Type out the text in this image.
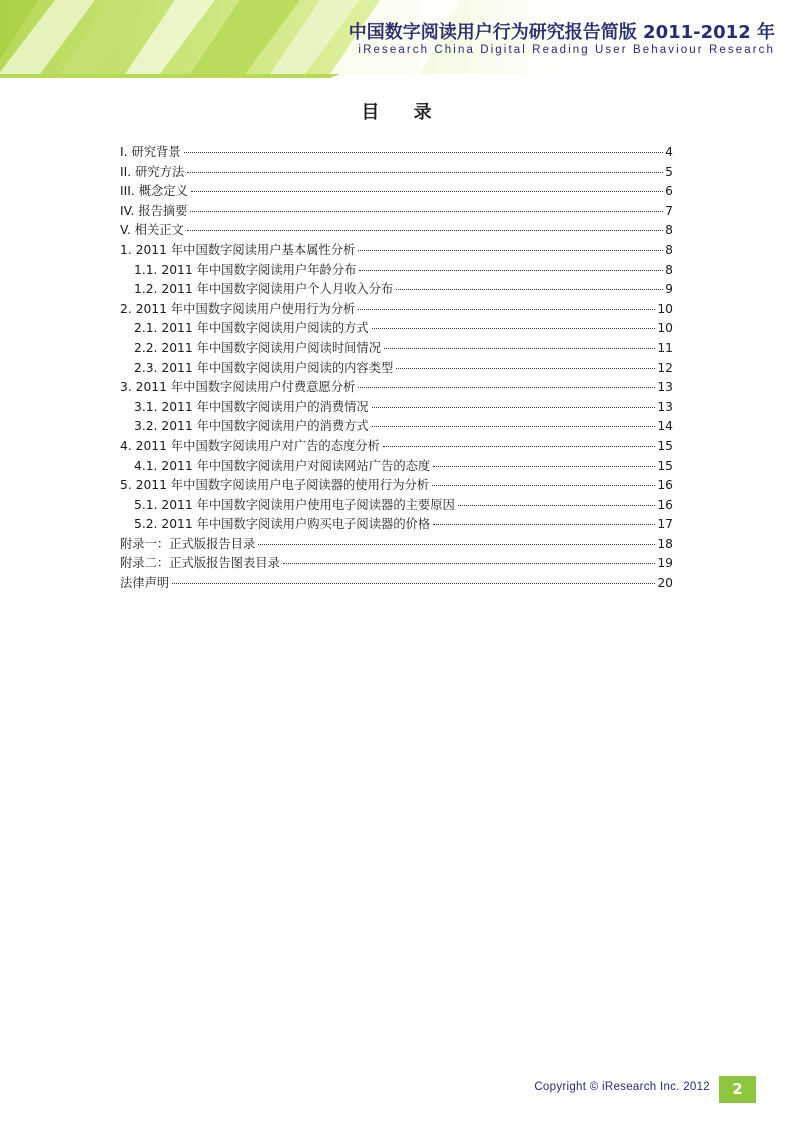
中国数字阅读用户行为研究报告简版 2011-2012 年
iResearch China Digital Reading User Behaviour Research
目 录
I. 研究背景	4
II. 研究方法	5
III. 概念定义	6
IV. 报告摘要	7
V. 相关正文	8
1. 2011 年中国数字阅读用户基本属性分析	8
1.1. 2011 年中国数字阅读用户年龄分布	8
1.2. 2011 年中国数字阅读用户个人月收入分布	9
2. 2011 年中国数字阅读用户使用行为分析	10
2.1. 2011 年中国数字阅读用户阅读的方式	10
2.2. 2011 年中国数字阅读用户阅读时间情况	11
2.3. 2011 年中国数字阅读用户阅读的内容类型	12
3. 2011 年中国数字阅读用户付费意愿分析	13
3.1. 2011 年中国数字阅读用户的消费情况	13
3.2. 2011 年中国数字阅读用户的消费方式	14
4. 2011 年中国数字阅读用户对广告的态度分析	15
4.1. 2011 年中国数字阅读用户对阅读网站广告的态度	15
5. 2011 年中国数字阅读用户电子阅读器的使用行为分析	16
5.1. 2011 年中国数字阅读用户使用电子阅读器的主要原因	16
5.2. 2011 年中国数字阅读用户购买电子阅读器的价格	17
附录一：正式版报告目录	18
附录二：正式版报告图表目录	19
法律声明	20
Copyright © iResearch Inc. 2012	2
